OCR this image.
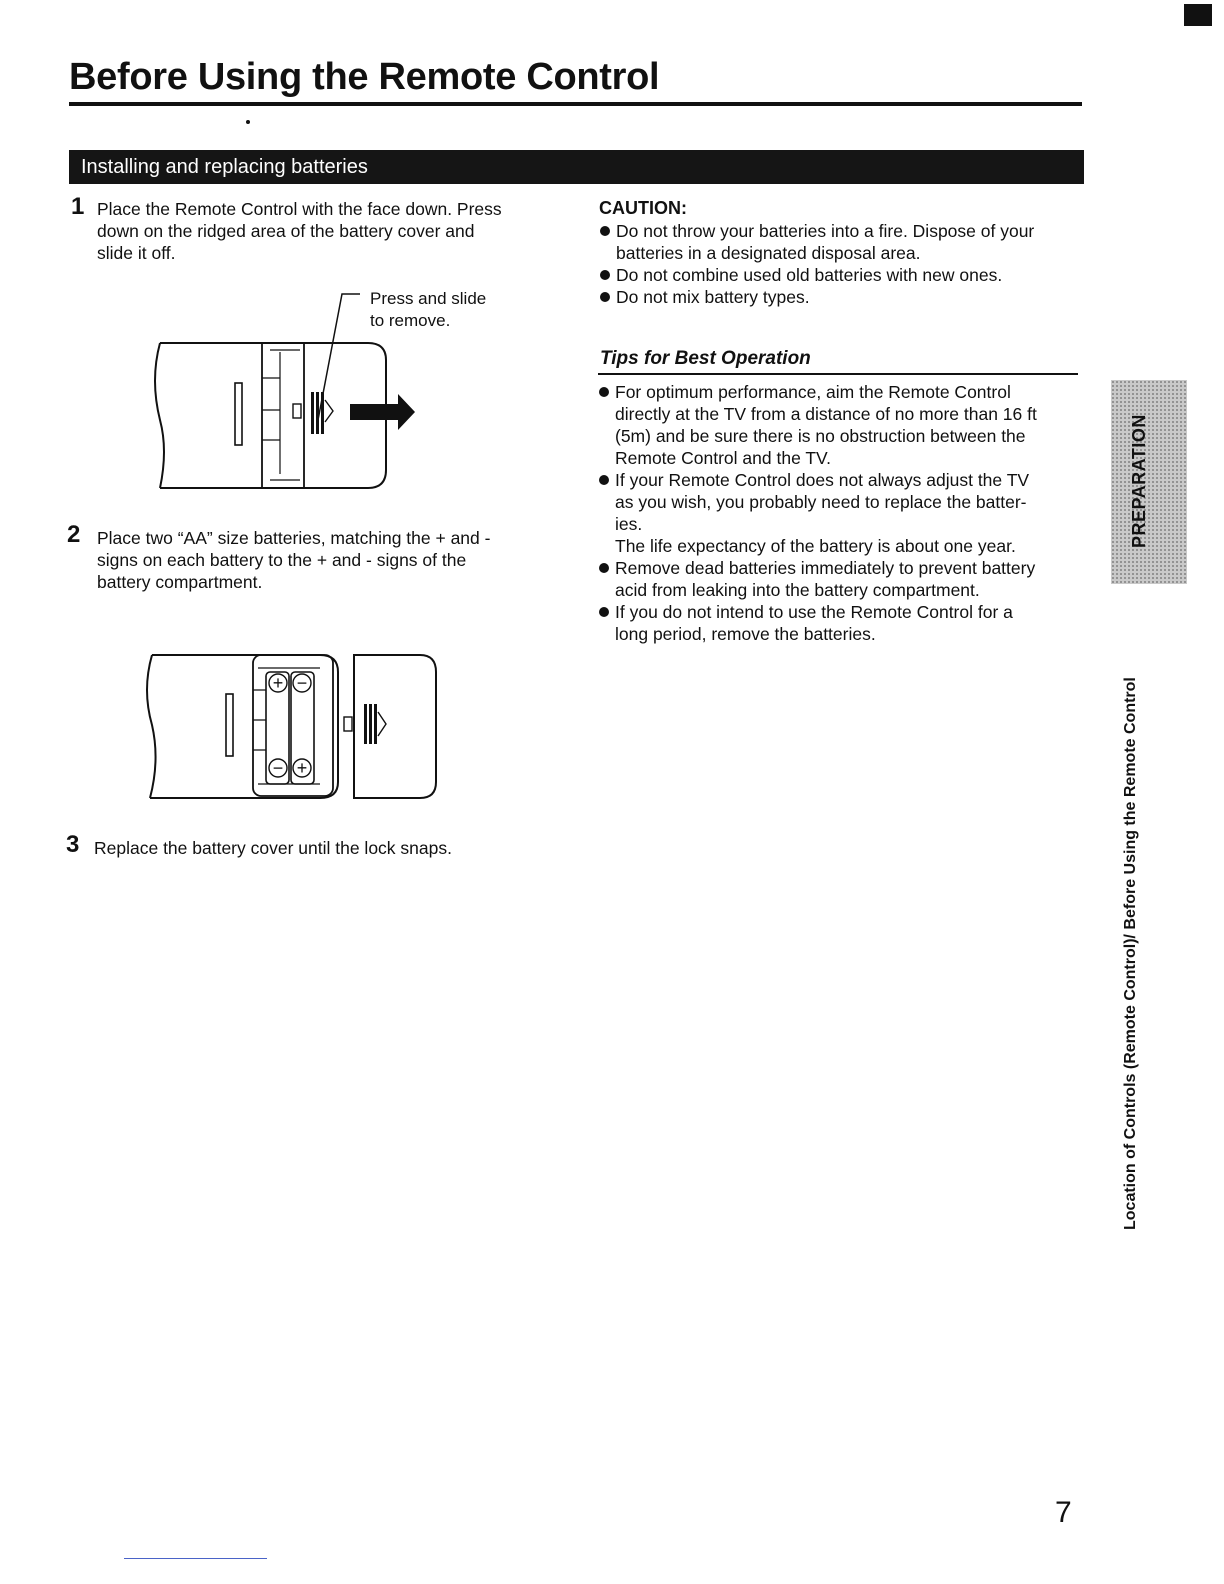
Before Using the Remote Control
Installing and replacing batteries
1 Place the Remote Control with the face down. Press
down on the ridged area of the battery cover and
slide it off.
Press and slide
to remove.
2 Place two “AA” size batteries, matching the + and -
signs on each battery to the + and - signs of the
battery compartment.
+ −
− +
3 Replace the battery cover until the lock snaps.
CAUTION:
Do not throw your batteries into a fire. Dispose of your
batteries in a designated disposal area.
Do not combine used old batteries with new ones.
Do not mix battery types.
Tips for Best Operation
For optimum performance, aim the Remote Control
directly at the TV from a distance of no more than 16 ft
(5m) and be sure there is no obstruction between the
Remote Control and the TV.
If your Remote Control does not always adjust the TV
as you wish, you probably need to replace the batter-
ies.
The life expectancy of the battery is about one year.
Remove dead batteries immediately to prevent battery
acid from leaking into the battery compartment.
If you do not intend to use the Remote Control for a
long period, remove the batteries.
PREPARATION
Location of Controls (Remote Control)/ Before Using the Remote Control
7
